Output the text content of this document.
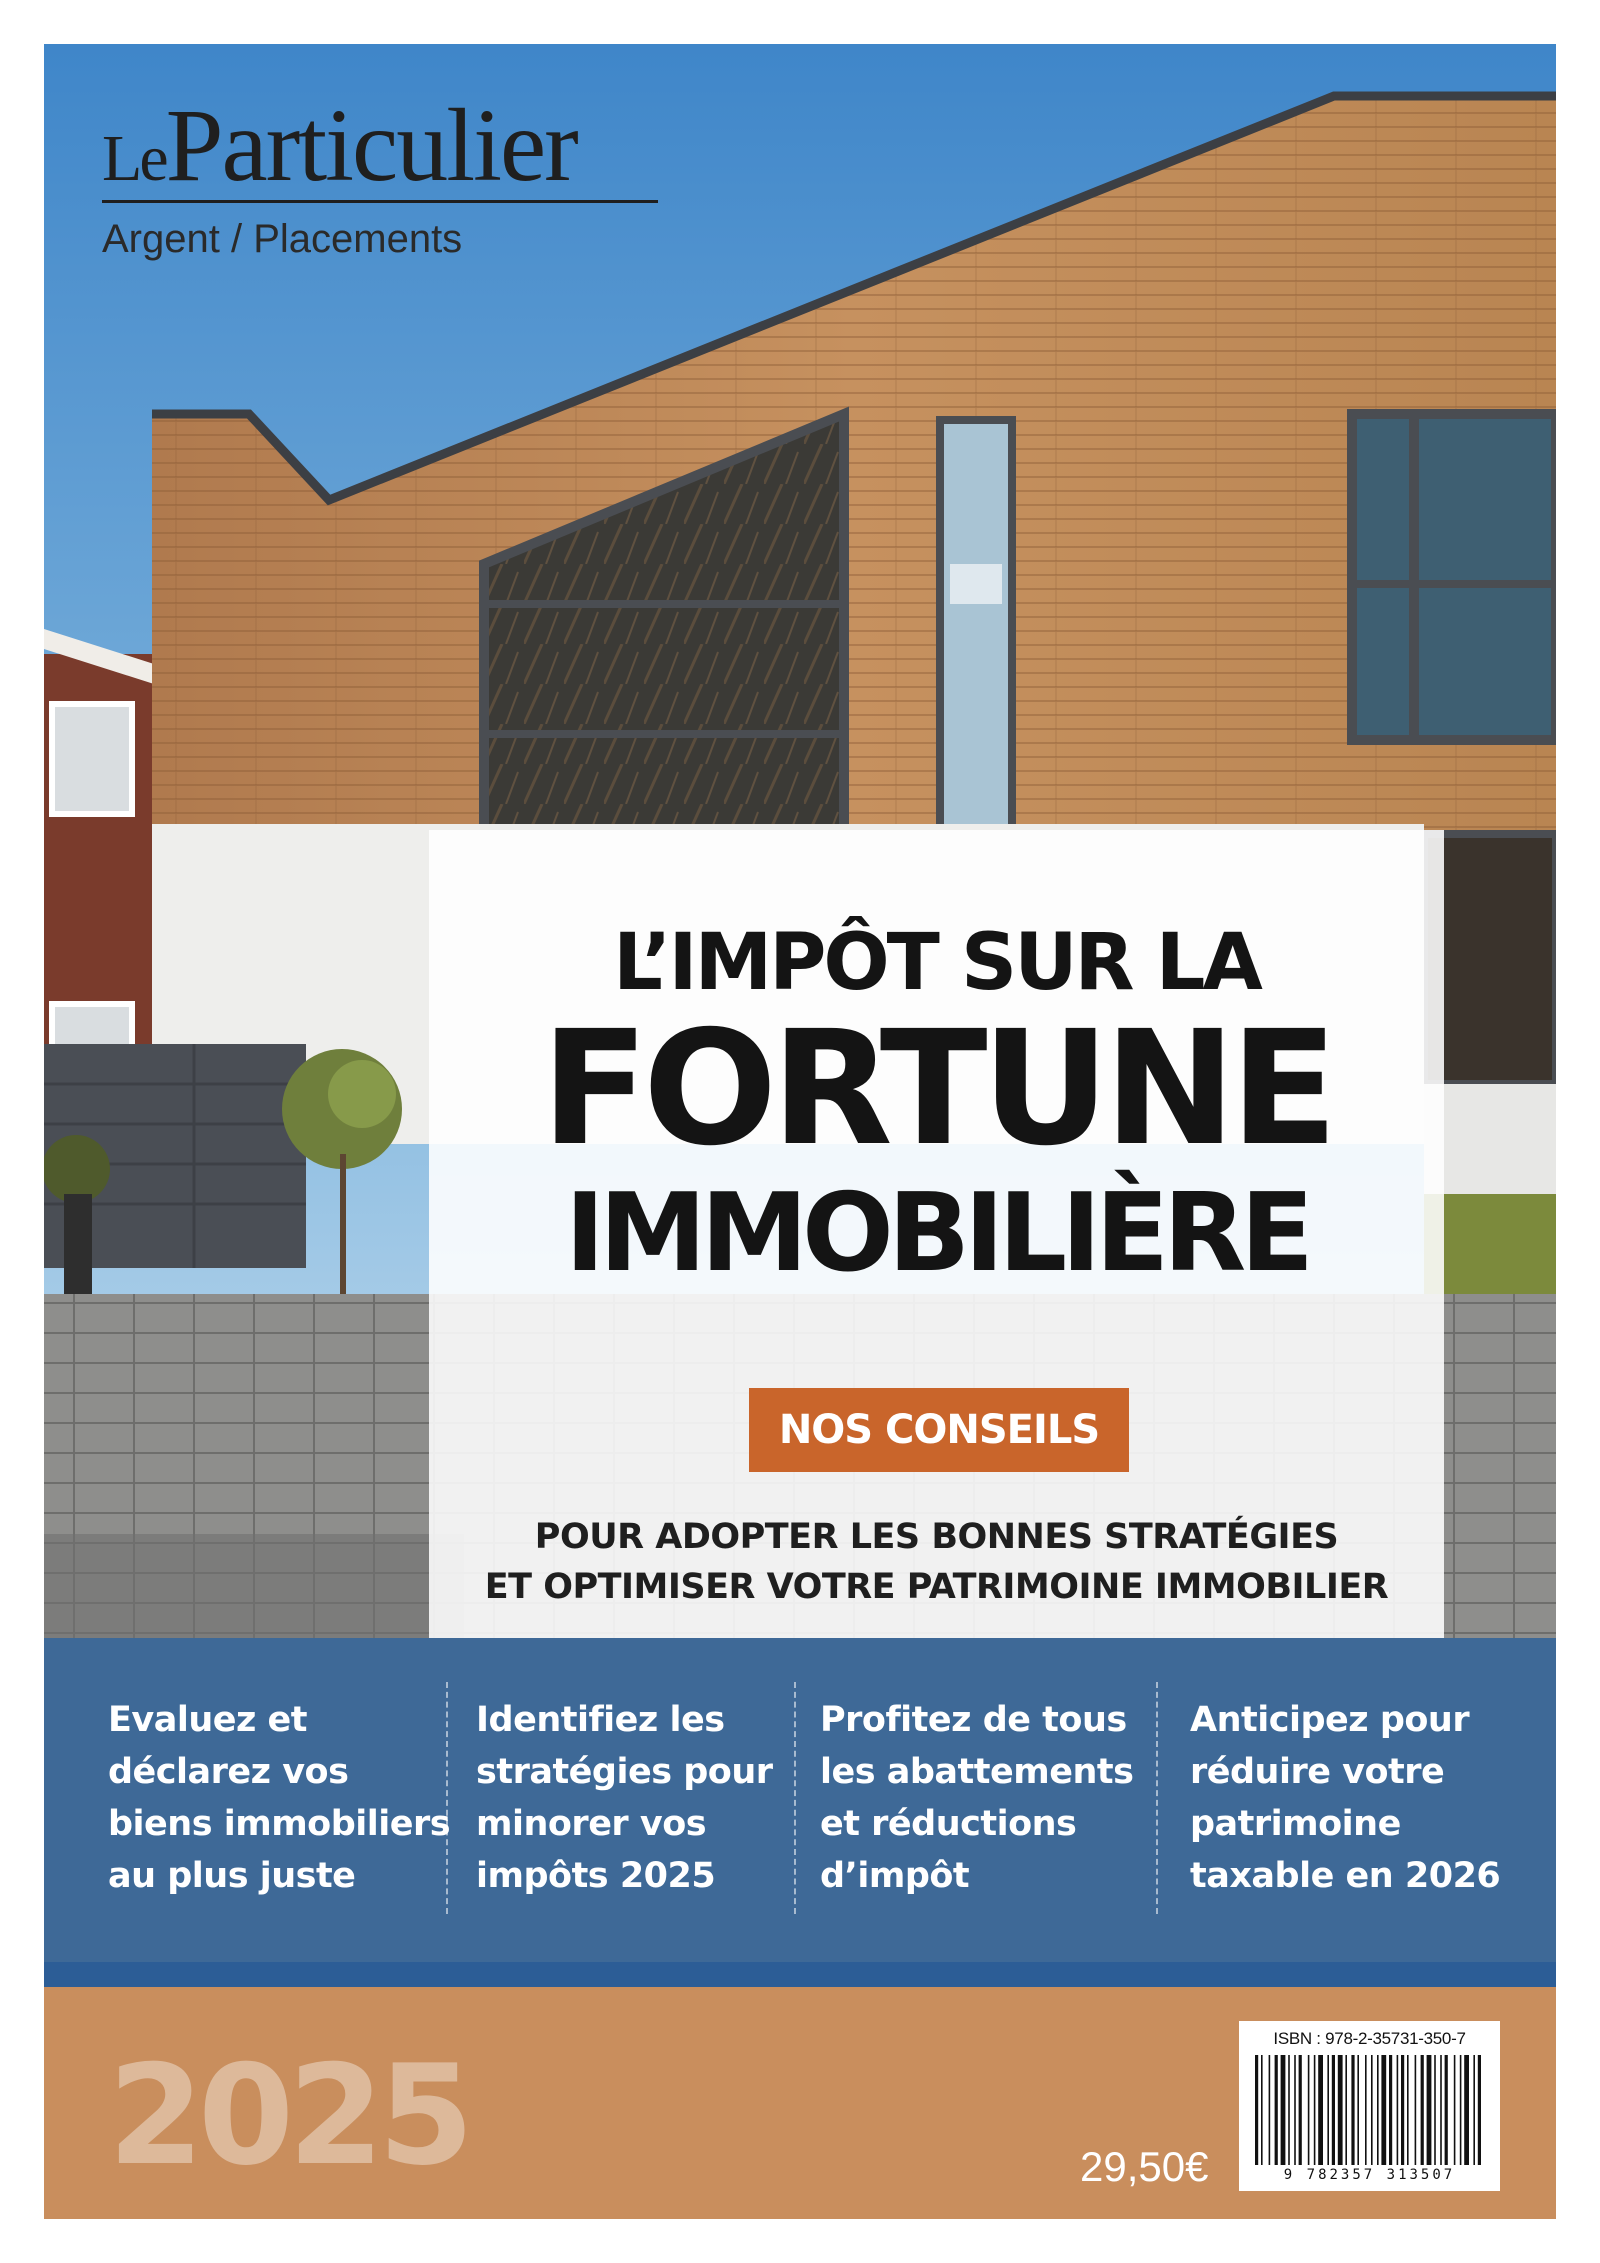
LeParticulier
Argent / Placements
L’IMPÔT SUR LA
FORTUNE
IMMOBILIÈRE
NOS CONSEILS
POUR ADOPTER LES BONNES STRATÉGIES
ET OPTIMISER VOTRE PATRIMOINE IMMOBILIER
Evaluez et
déclarez vos
biens immobiliers
au plus juste
Identifiez les
stratégies pour
minorer vos
impôts 2025
Profitez de tous
les abattements
et réductions
d’impôt
Anticipez pour
réduire votre
patrimoine
taxable en 2026
2025	29,50€
ISBN : 978-2-35731-350-7
9 782357 313507
